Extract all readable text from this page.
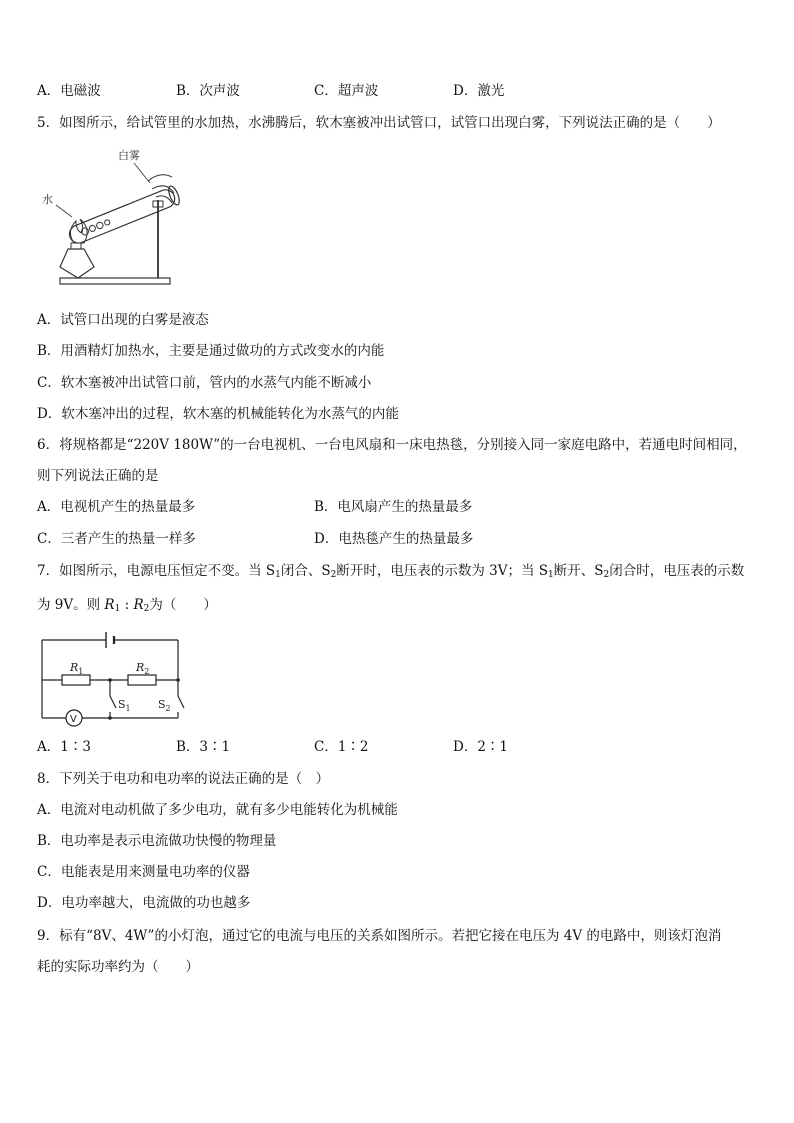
A．电磁波	B．次声波	C．超声波	D．激光
5．如图所示，给试管里的水加热，水沸腾后，软木塞被冲出试管口，试管口出现白雾，下列说法正确的是（　　）
白雾
水
A．试管口出现的白雾是液态
B．用酒精灯加热水，主要是通过做功的方式改变水的内能
C．软木塞被冲出试管口前，管内的水蒸气内能不断减小
D．软木塞冲出的过程，软木塞的机械能转化为水蒸气的内能
6．将规格都是“220V 180W”的一台电视机、一台电风扇和一床电热毯，分别接入同一家庭电路中，若通电时间相同，
则下列说法正确的是
A．电视机产生的热量最多	B．电风扇产生的热量最多
C．三者产生的热量一样多	D．电热毯产生的热量最多
7．如图所示，电源电压恒定不变。当 $S_1$闭合、$S_2$断开时，电压表的示数为 3V；当 $S_1$断开、$S_2$闭合时，电压表的示数
为 9V。则 $R_1$ : $R_2$为（　　）
$R_1$	$R_2$
$S_1$ $S_2$
V
A．1∶3	B．3∶1	C．1∶2	D．2∶1
8．下列关于电功和电功率的说法正确的是（　）
A．电流对电动机做了多少电功，就有多少电能转化为机械能
B．电功率是表示电流做功快慢的物理量
C．电能表是用来测量电功率的仪器
D．电功率越大，电流做的功也越多
9．标有“8V、4W”的小灯泡，通过它的电流与电压的关系如图所示。若把它接在电压为 4V 的电路中，则该灯泡消
耗的实际功率约为（　　）
